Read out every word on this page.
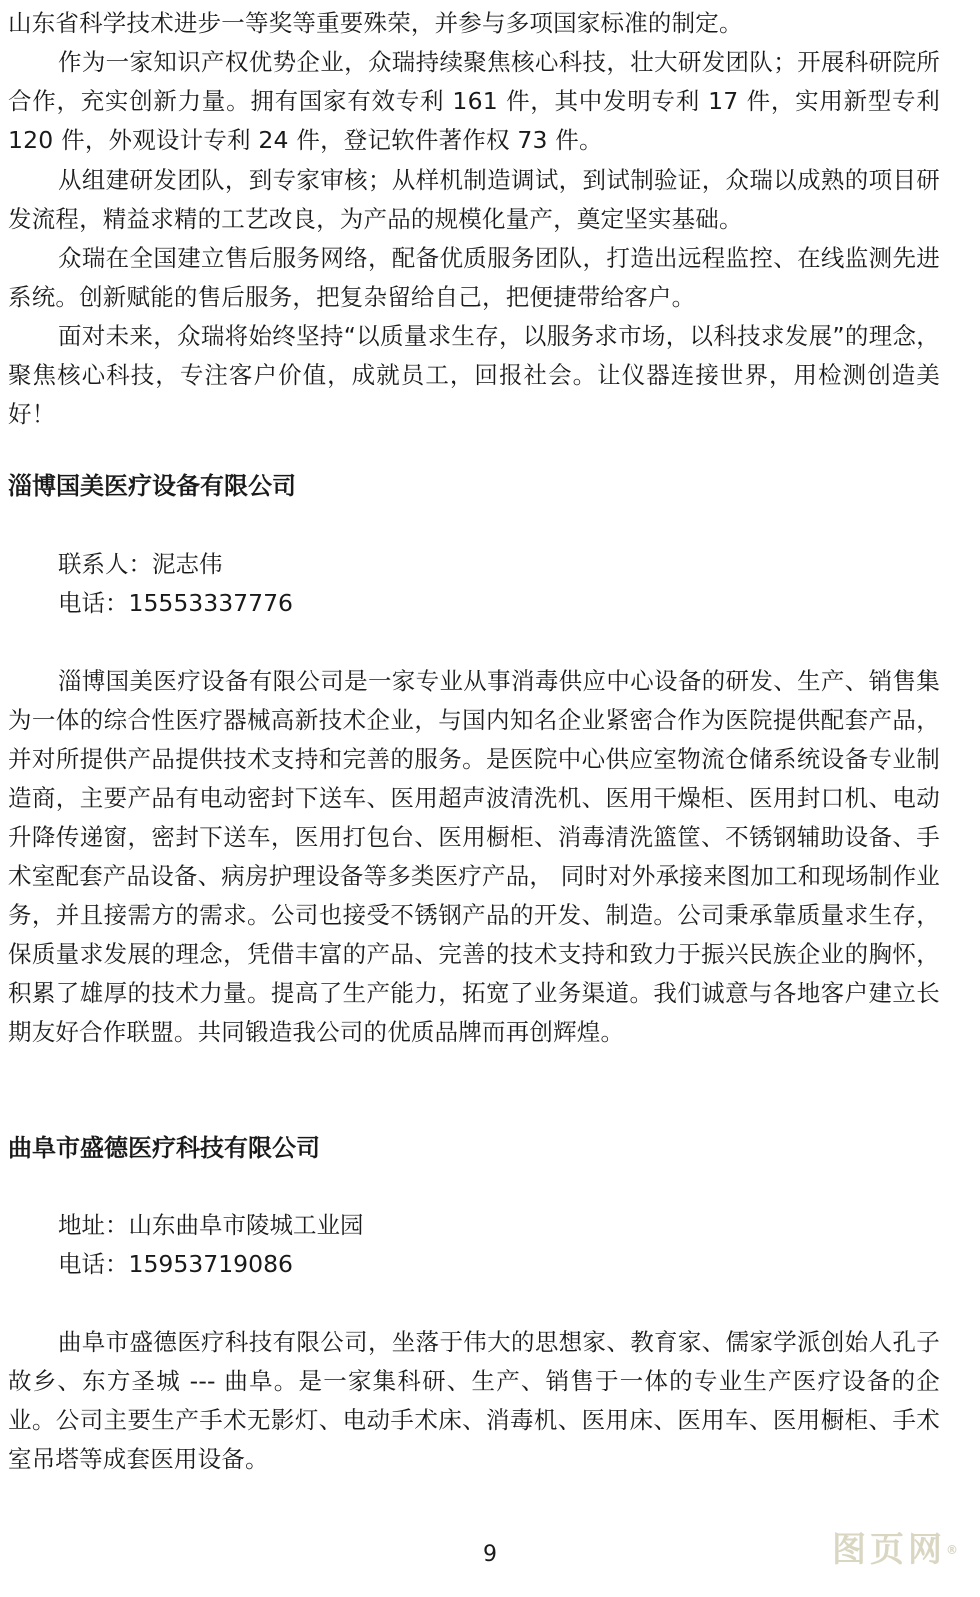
山东省科学技术进步一等奖等重要殊荣，并参与多项国家标准的制定。

作为一家知识产权优势企业，众瑞持续聚焦核心科技，壮大研发团队；开展科研院所合作，充实创新力量。拥有国家有效专利 161 件，其中发明专利 17 件，实用新型专利 120 件，外观设计专利 24 件，登记软件著作权 73 件。

从组建研发团队，到专家审核；从样机制造调试，到试制验证，众瑞以成熟的项目研发流程，精益求精的工艺改良，为产品的规模化量产，奠定坚实基础。

众瑞在全国建立售后服务网络，配备优质服务团队，打造出远程监控、在线监测先进系统。创新赋能的售后服务，把复杂留给自己，把便捷带给客户。

面对未来，众瑞将始终坚持“以质量求生存，以服务求市场，以科技求发展”的理念，聚焦核心科技，专注客户价值，成就员工，回报社会。让仪器连接世界，用检测创造美好！

淄博国美医疗设备有限公司

联系人：泥志伟

电话：15553337776

淄博国美医疗设备有限公司是一家专业从事消毒供应中心设备的研发、生产、销售集为一体的综合性医疗器械高新技术企业，与国内知名企业紧密合作为医院提供配套产品，并对所提供产品提供技术支持和完善的服务。是医院中心供应室物流仓储系统设备专业制造商，主要产品有电动密封下送车、医用超声波清洗机、医用干燥柜、医用封口机、电动升降传递窗，密封下送车，医用打包台、医用橱柜、消毒清洗篮筐、不锈钢辅助设备、手术室配套产品设备、病房护理设备等多类医疗产品， 同时对外承接来图加工和现场制作业务，并且接需方的需求。公司也接受不锈钢产品的开发、制造。公司秉承靠质量求生存，保质量求发展的理念，凭借丰富的产品、完善的技术支持和致力于振兴民族企业的胸怀，积累了雄厚的技术力量。提高了生产能力，拓宽了业务渠道。我们诚意与各地客户建立长期友好合作联盟。共同锻造我公司的优质品牌而再创辉煌。

曲阜市盛德医疗科技有限公司

地址：山东曲阜市陵城工业园

电话：15953719086

曲阜市盛德医疗科技有限公司，坐落于伟大的思想家、教育家、儒家学派创始人孔子故乡、东方圣城 --- 曲阜。是一家集科研、生产、销售于一体的专业生产医疗设备的企业。公司主要生产手术无影灯、电动手术床、消毒机、医用床、医用车、医用橱柜、手术室吊塔等成套医用设备。

9	图页网®
